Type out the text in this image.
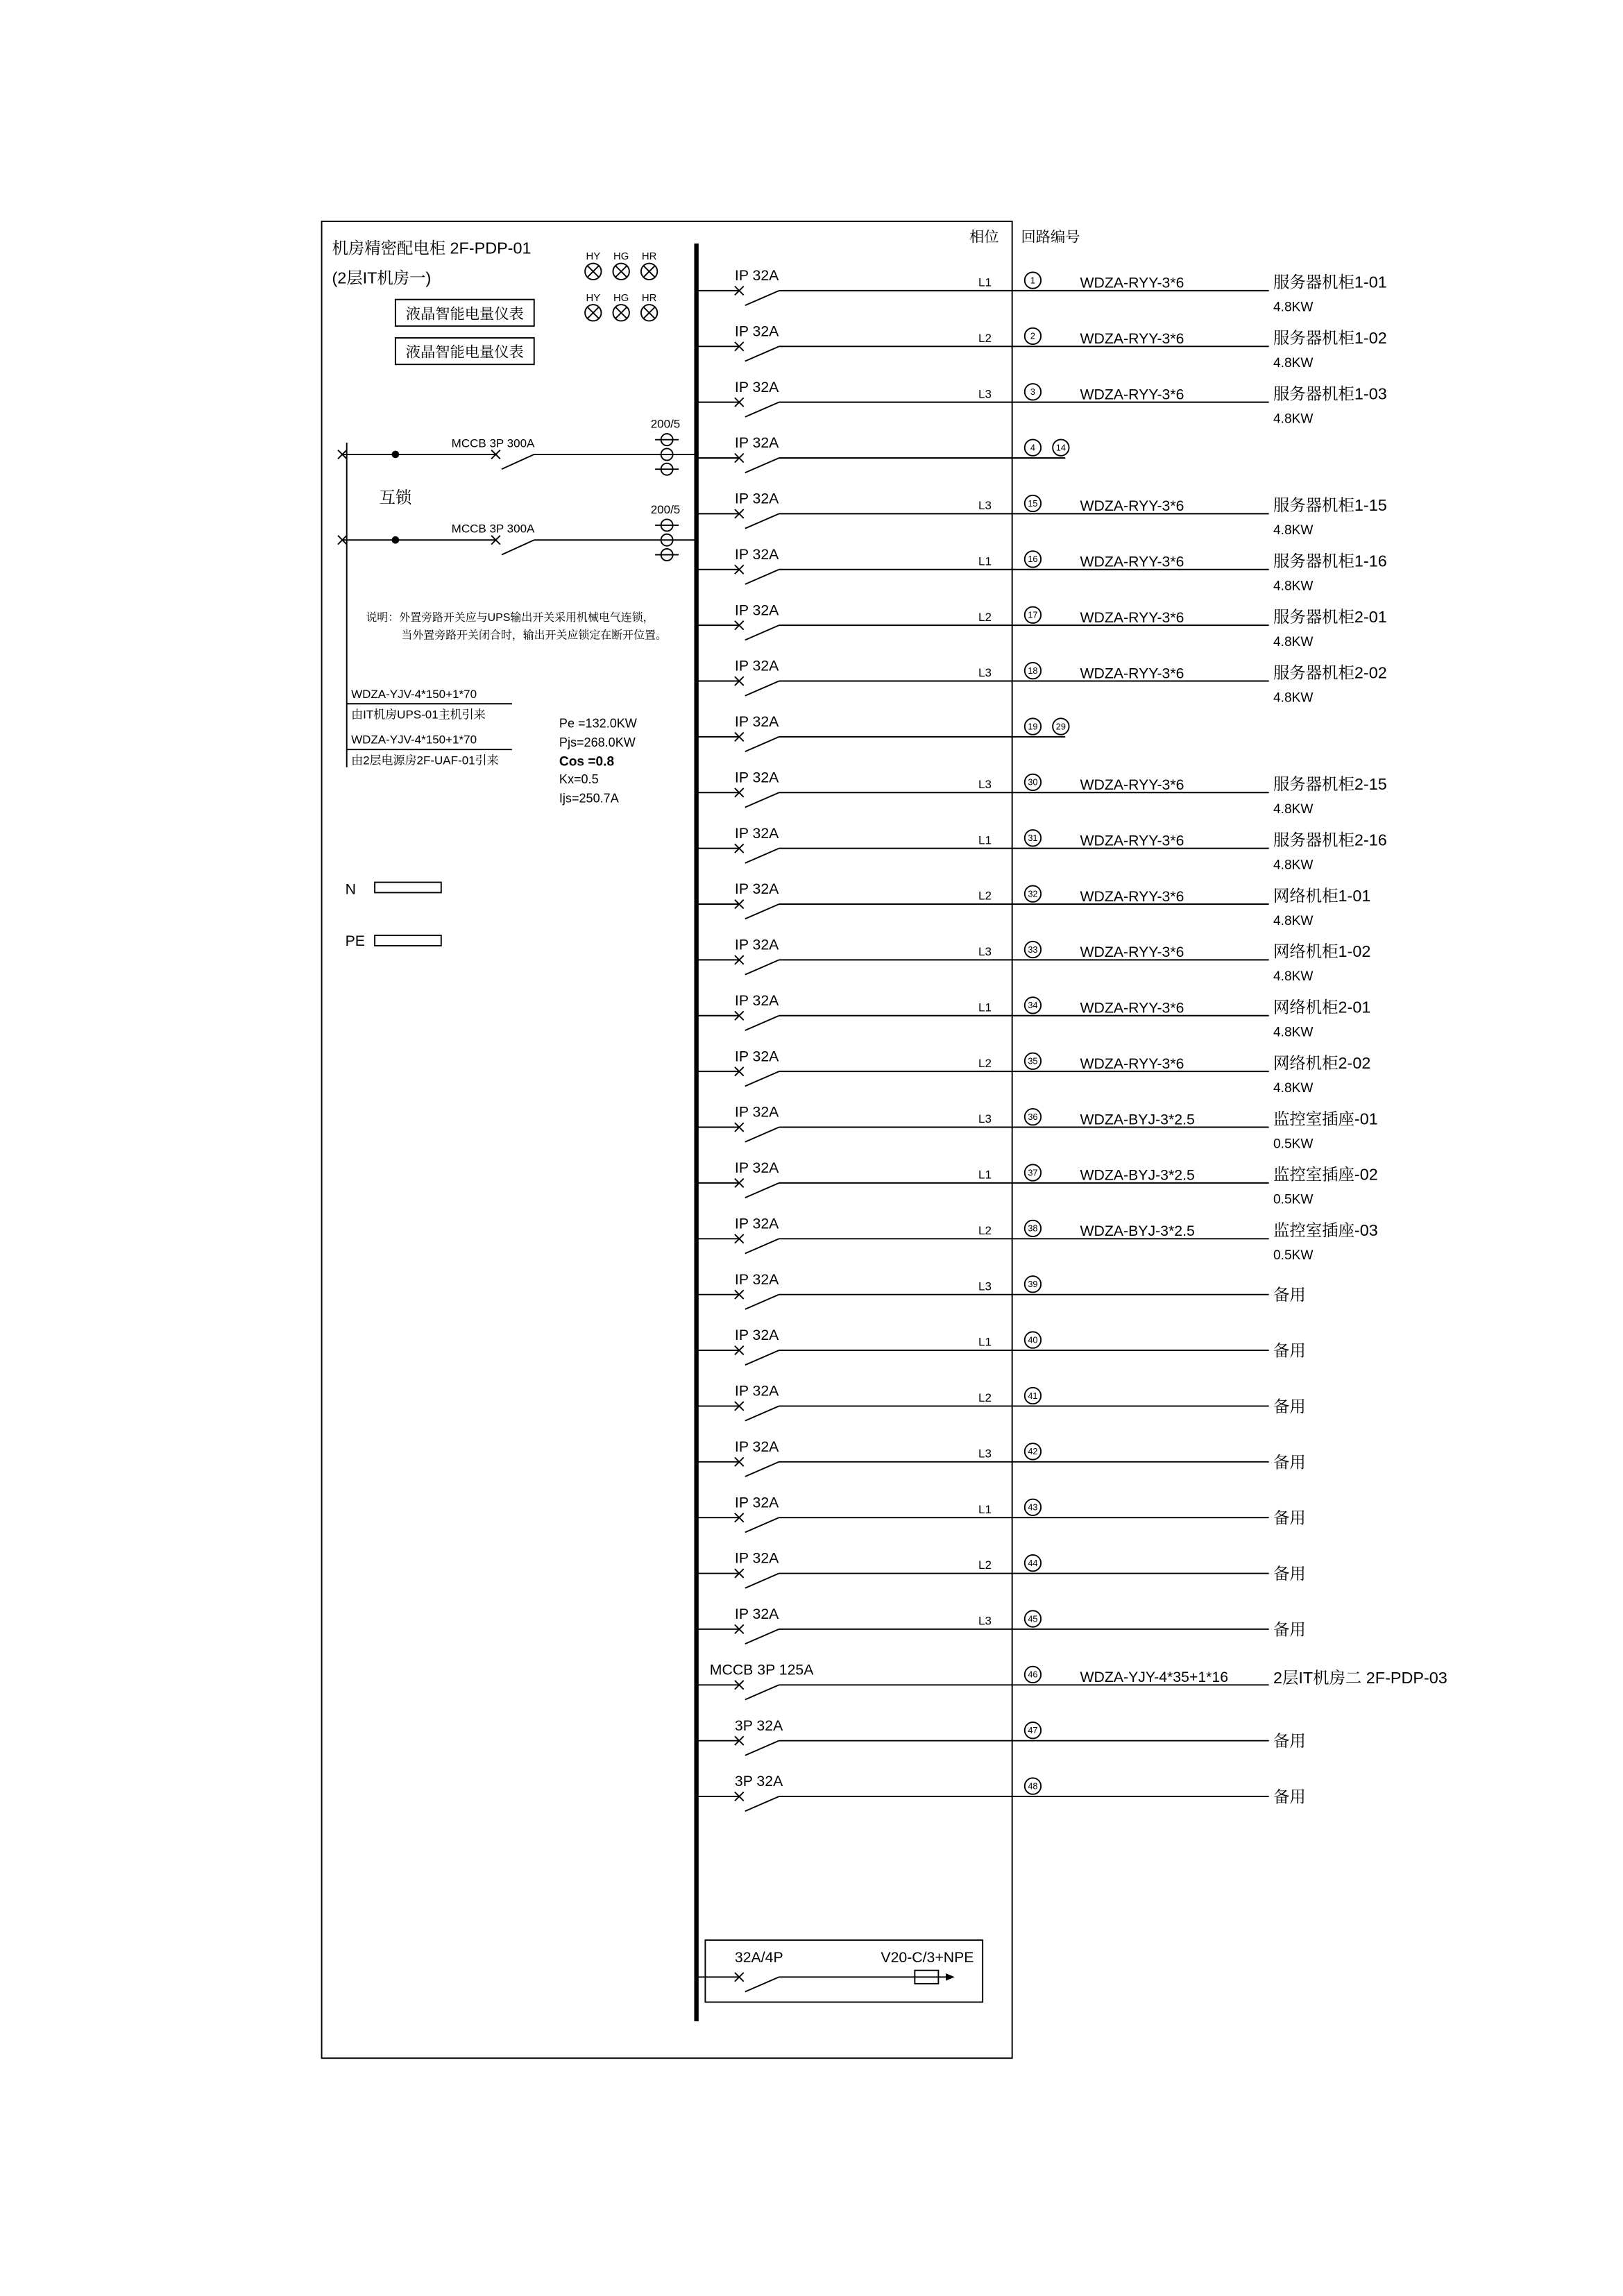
机房精密配电柜 2F-PDP-01
(2层IT机房一)
HY	HG	HR
HY	HG	HR
液晶智能电量仪表
液晶智能电量仪表
相位	回路编号
MCCB 3P 300A
200/5
WDZA-YJV-4*150+1*70
由IT机房UPS-01主机引来
MCCB 3P 300A
200/5
WDZA-YJV-4*150+1*70
由2层电源房2F-UAF-01引来
互锁
说明：外置旁路开关应与UPS输出开关采用机械电气连锁，
当外置旁路开关闭合时，输出开关应锁定在断开位置。
Pe =132.0KW
Pjs=268.0KW
Cos =0.8
Kx=0.5
Ijs=250.7A
N
PE
IP 32A	L1	1	WDZA-RYY-3*6	服务器机柜1-01
4.8KW
IP 32A	L2	2	WDZA-RYY-3*6	服务器机柜1-02
4.8KW
IP 32A	L3	3	WDZA-RYY-3*6	服务器机柜1-03
4.8KW
IP 32A	4	14
IP 32A	L3	15	WDZA-RYY-3*6	服务器机柜1-15
4.8KW
IP 32A	L1	16	WDZA-RYY-3*6	服务器机柜1-16
4.8KW
IP 32A	L2	17	WDZA-RYY-3*6	服务器机柜2-01
4.8KW
IP 32A	L3	18	WDZA-RYY-3*6	服务器机柜2-02
4.8KW
IP 32A	19	29
IP 32A	L3	30	WDZA-RYY-3*6	服务器机柜2-15
4.8KW
IP 32A	L1	31	WDZA-RYY-3*6	服务器机柜2-16
4.8KW
IP 32A	L2	32	WDZA-RYY-3*6	网络机柜1-01
4.8KW
IP 32A	L3	33	WDZA-RYY-3*6	网络机柜1-02
4.8KW
IP 32A	L1	34	WDZA-RYY-3*6	网络机柜2-01
4.8KW
IP 32A	L2	35	WDZA-RYY-3*6	网络机柜2-02
4.8KW
IP 32A	L3	36	WDZA-BYJ-3*2.5	监控室插座-01
0.5KW
IP 32A	L1	37	WDZA-BYJ-3*2.5	监控室插座-02
0.5KW
IP 32A	L2	38	WDZA-BYJ-3*2.5	监控室插座-03
0.5KW
IP 32A	L3	39
备用
IP 32A	L1	40
备用
IP 32A	L2	41
备用
IP 32A	L3	42
备用
IP 32A	L1	43
备用
IP 32A	L2	44
备用
IP 32A	L3	45
备用
MCCB 3P 125A	46	WDZA-YJY-4*35+1*16	2层IT机房二 2F-PDP-03
3P 32A	47
备用
3P 32A	48
备用
32A/4P	V20-C/3+NPE
